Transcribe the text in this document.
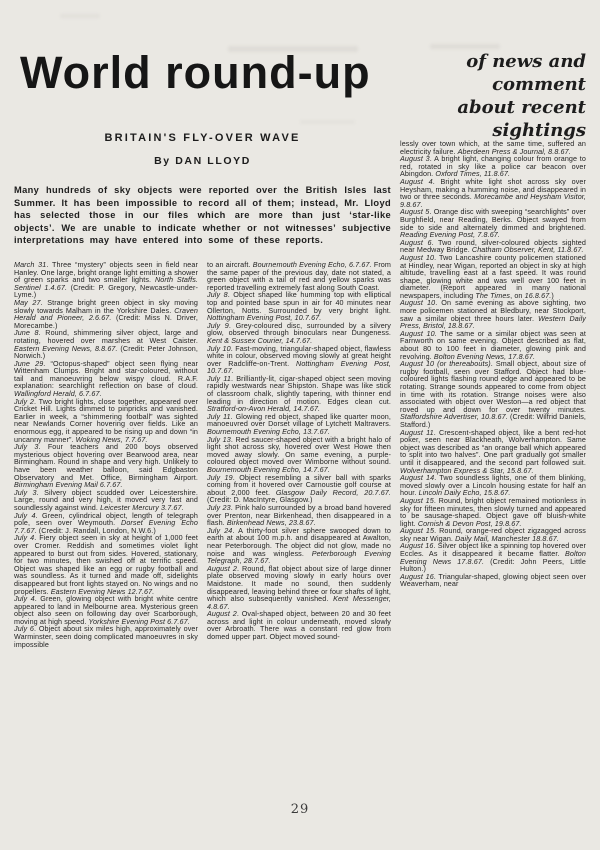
World round-up	of news and comment
about recent sightings
BRITAIN'S FLY-OVER WAVE
By DAN LLOYD
Many hundreds of sky objects were reported over the British Isles last Summer. It has been impossible to record all of them; instead, Mr. Lloyd has selected those in our files which are more than just ‘star-like objects’. We are unable to indicate whether or not witnesses’ subjective interpretations may have entered into some of these reports.

March 31. Three “mystery” objects seen in field near Hanley. One large, bright orange light emitting a shower of green sparks and two smaller lights. North Staffs. Sentinel 1.4.67. (Credit: P. Gregory, Newcastle-under-Lyme.)

May 27. Strange bright green object in sky moving slowly towards Malham in the Yorkshire Dales. Craven Herald and Pioneer, 2.6.67. (Credit: Miss N. Driver, Morecambe.)

June 8. Round, shimmering silver object, large and rotating, hovered over marshes at West Caister. Eastern Evening News, 8.8.67. (Credit: Peter Johnson, Norwich.)

June 29. “Octopus-shaped” object seen flying near Wittenham Clumps. Bright and star-coloured, without tail and manoeuvring below wispy cloud. R.A.F. explanation: searchlight reflection on base of cloud. Wallingford Herald, 6.7.67.

July 2. Two bright lights, close together, appeared over Cricket Hill. Lights dimmed to pinpricks and vanished. Earlier in week, a “shimmering football” was sighted near Newlands Corner hovering over fields. Like an enormous egg, it appeared to be rising up and down “in uncanny manner”. Woking News, 7.7.67.

July 3. Four teachers and 200 boys observed mysterious object hovering over Bearwood area, near Birmingham. Round in shape and very high. Unlikely to have been weather balloon, said Edgbaston Observatory and Met. Office, Birmingham Airport. Birmingham Evening Mail 6.7.67.

July 3. Silvery object scudded over Leicestershire. Large, round and very high, it moved very fast and soundlessly against wind. Leicester Mercury 3.7.67.

July 4. Green, cylindrical object, length of telegraph pole, seen over Weymouth. Dorset Evening Echo 7.7.67. (Credit: J. Randall, London, N.W.6.)

July 4. Fiery object seen in sky at height of 1,000 feet over Cromer. Reddish and sometimes violet light appeared to burst out from sides. Hovered, stationary, for two minutes, then swished off at terrific speed. Object was shaped like an egg or rugby football and was soundless. As it turned and made off, sidelights disappeared but front lights stayed on. No wings and no propellers. Eastern Evening News 12.7.67.

July 4. Green, glowing object with bright white centre appeared to land in Melbourne area. Mysterious green object also seen on following day over Scarborough, moving at high speed. Yorkshire Evening Post 6.7.67.

July 6. Object about six miles high, approximately over Warminster, seen doing complicated manoeuvres in sky impossible

to an aircraft. Bournemouth Evening Echo, 6.7.67. From the same paper of the previous day, date not stated, a green object with a tail of red and yellow sparks was reported travelling extremely fast along South Coast.

July 8. Object shaped like humming top with elliptical top and pointed base spun in air for 40 minutes near Ollerton, Notts. Surrounded by very bright light. Nottingham Evening Post, 10.7.67.

July 9. Grey-coloured disc, surrounded by a silvery glow, observed through binoculars near Dungeness. Kent & Sussex Courier, 14.7.67.

July 10. Fast-moving, triangular-shaped object, flawless white in colour, observed moving slowly at great height over Radcliffe-on-Trent. Nottingham Evening Post, 10.7.67.

July 11. Brilliantly-lit, cigar-shaped object seen moving rapidly westwards near Shipston. Shape was like stick of classroom chalk, slightly tapering, with thinner end leading in direction of motion. Edges clean cut. Stratford-on-Avon Herald, 14.7.67.

July 11. Glowing red object, shaped like quarter moon, manoeuvred over Dorset village of Lytchett Maltravers. Bournemouth Evening Echo, 13.7.67.

July 13. Red saucer-shaped object with a bright halo of light shot across sky, hovered over West Howe then moved away slowly. On same evening, a purple-coloured object moved over Wimborne without sound. Bournemouth Evening Echo, 14.7.67.

July 19. Object resembling a silver ball with sparks coming from it hovered over Carnoustie golf course at about 2,000 feet. Glasgow Daily Record, 20.7.67. (Credit: D. MacIntyre, Glasgow.)

July 23. Pink halo surrounded by a broad band hovered over Prenton, near Birkenhead, then disappeared in a flash. Birkenhead News, 23.8.67.

July 24. A thirty-foot silver sphere swooped down to earth at about 100 m.p.h. and disappeared at Awalton, near Peterborough. The object did not glow, made no noise and was wingless. Peterborough Evening Telegraph, 28.7.67.

August 2. Round, flat object about size of large dinner plate observed moving slowly in early hours over Maidstone. It made no sound, then suddenly disappeared, leaving behind three or four shafts of light, which also subsequently vanished. Kent Messenger, 4.8.67.

August 2. Oval-shaped object, between 20 and 30 feet across and light in colour underneath, moved slowly over Arbroath. There was a constant red glow from domed upper part. Object moved sound-

lessly over town which, at the same time, suffered an electricity failure. Aberdeen Press & Journal, 8.8.67.

August 3. A bright light, changing colour from orange to red, rotated in sky like a police car beacon over Abingdon. Oxford Times, 11.8.67.

August 4. Bright white light shot across sky over Heysham, making a humming noise, and disappeared in two or three seconds. Morecambe and Heysham Visitor, 9.8.67.

August 5. Orange disc with sweeping “searchlights” over Burghfield, near Reading, Berks. Object swayed from side to side and alternately dimmed and brightened. Reading Evening Post, 7.8.67.

August 6. Two round, silver-coloured objects sighted near Medway Bridge. Chatham Observer, Kent, 11.8.67.

August 10. Two Lancashire county policemen stationed at Hindley, near Wigan, reported an object in sky at high altitude, travelling east at a fast speed. It was round shape, glowing white and was well over 100 feet in diameter. (Report appeared in many national newspapers, including The Times, on 16.8.67.)

August 10. On same evening as above sighting, two more policemen stationed at Bledbury, near Stockport, saw a similar object three hours later. Western Daily Press, Bristol, 18.8.67.

August 10. The same or a similar object was seen at Farnworth on same evening. Object described as flat, about 80 to 100 feet in diameter, glowing pink and revolving. Bolton Evening News, 17.8.67.

August 10 (or thereabouts). Small object, about size of rugby football, seen over Stafford. Object had blue-coloured lights flashing round edge and appeared to be rotating. Strange sounds appeared to come from object in time with its rotation. Strange noises were also associated with object over Weston—a red object that roved up and down for over twenty minutes. Staffordshire Advertiser, 10.8.67. (Credit: Wilfrid Daniels, Stafford.)

August 11. Crescent-shaped object, like a bent red-hot poker, seen near Blackheath, Wolverhampton. Same object was described as “an orange ball which appeared to split into two halves”. One part gradually got smaller until it disappeared, and the second part followed suit. Wolverhampton Express & Star, 15.8.67.

August 14. Two soundless lights, one of them blinking, moved slowly over a Lincoln housing estate for half an hour. Lincoln Daily Echo, 15.8.67.

August 15. Round, bright object remained motionless in sky for fifteen minutes, then slowly turned and appeared to be sausage-shaped. Object gave off bluish-white light. Cornish & Devon Post, 19.8.67.

August 15. Round, orange-red object zigzagged across sky near Wigan. Daily Mail, Manchester 18.8.67.

August 16. Silver object like a spinning top hovered over Eccles. As it disappeared it became flatter. Bolton Evening News 17.8.67. (Credit: John Peers, Little Hulton.)

August 16. Triangular-shaped, glowing object seen over Weaverham, near

29
